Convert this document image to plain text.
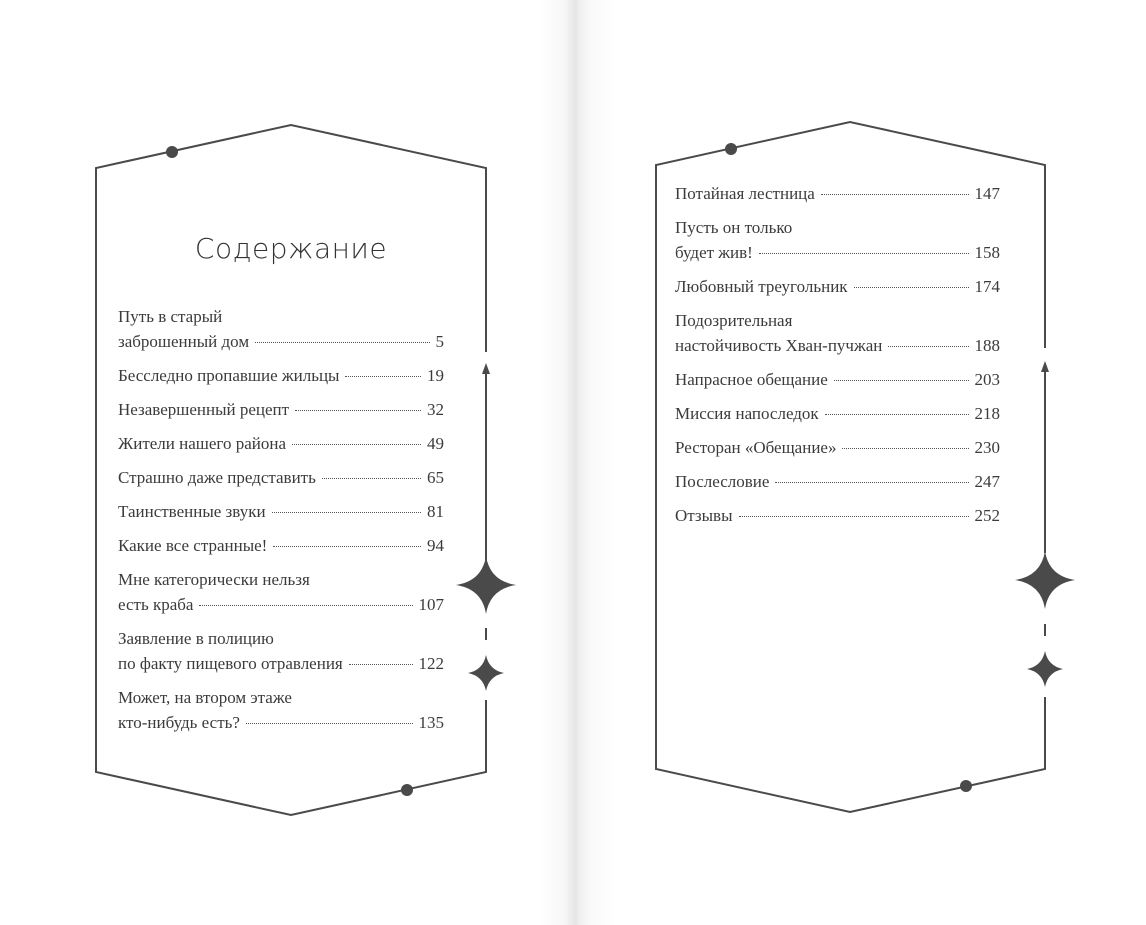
Содержание
Путь в старый
заброшенный дом	5
Бесследно пропавшие жильцы	19
Незавершенный рецепт	32
Жители нашего района	49
Страшно даже представить	65
Таинственные звуки	81
Какие все странные!	94
Мне категорически нельзя
есть краба	107
Заявление в полицию
по факту пищевого отравления	122
Может, на втором этаже
кто-нибудь есть?	135
Потайная лестница	147
Пусть он только
будет жив!	158
Любовный треугольник	174
Подозрительная
настойчивость Хван-пучжан	188
Напрасное обещание	203
Миссия напоследок	218
Ресторан «Обещание»	230
Послесловие	247
Отзывы	252
